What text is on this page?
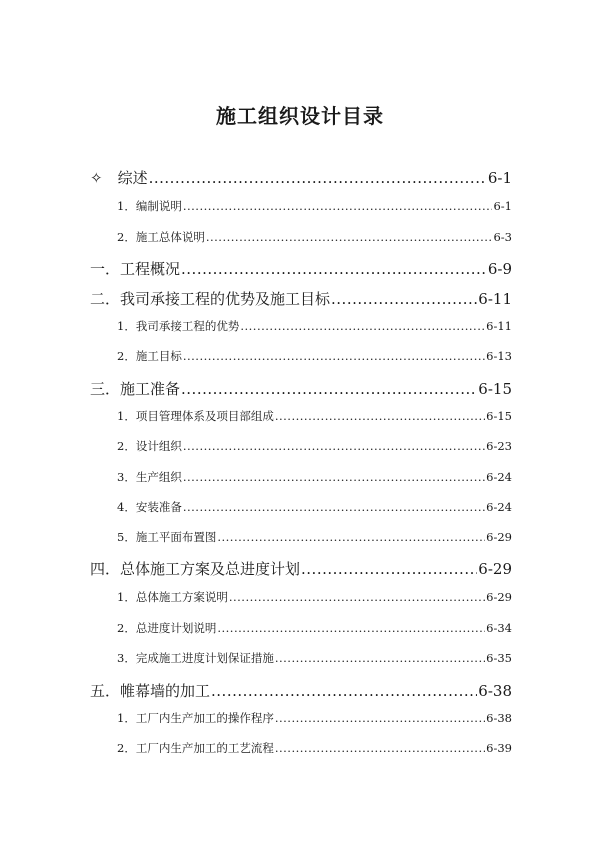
施工组织设计目录
✧　综述 .....	6-1
1．编制说明 .....	6-1
2．施工总体说明 .....	6-3
一．工程概况 .....	6-9
二．我司承接工程的优势及施工目标 .....	6-11
1．我司承接工程的优势 .....	6-11
2．施工目标 .....	6-13
三．施工准备 .....	6-15
1．项目管理体系及项目部组成 .....	6-15
2．设计组织 .....	6-23
3．生产组织 .....	6-24
4．安装准备 .....	6-24
5．施工平面布置图 .....	6-29
四．总体施工方案及总进度计划 .....	6-29
1．总体施工方案说明 .....	6-29
2．总进度计划说明 .....	6-34
3．完成施工进度计划保证措施 .....	6-35
五．帷幕墙的加工 .....	6-38
1．工厂内生产加工的操作程序 .....	6-38
2．工厂内生产加工的工艺流程 .....	6-39
